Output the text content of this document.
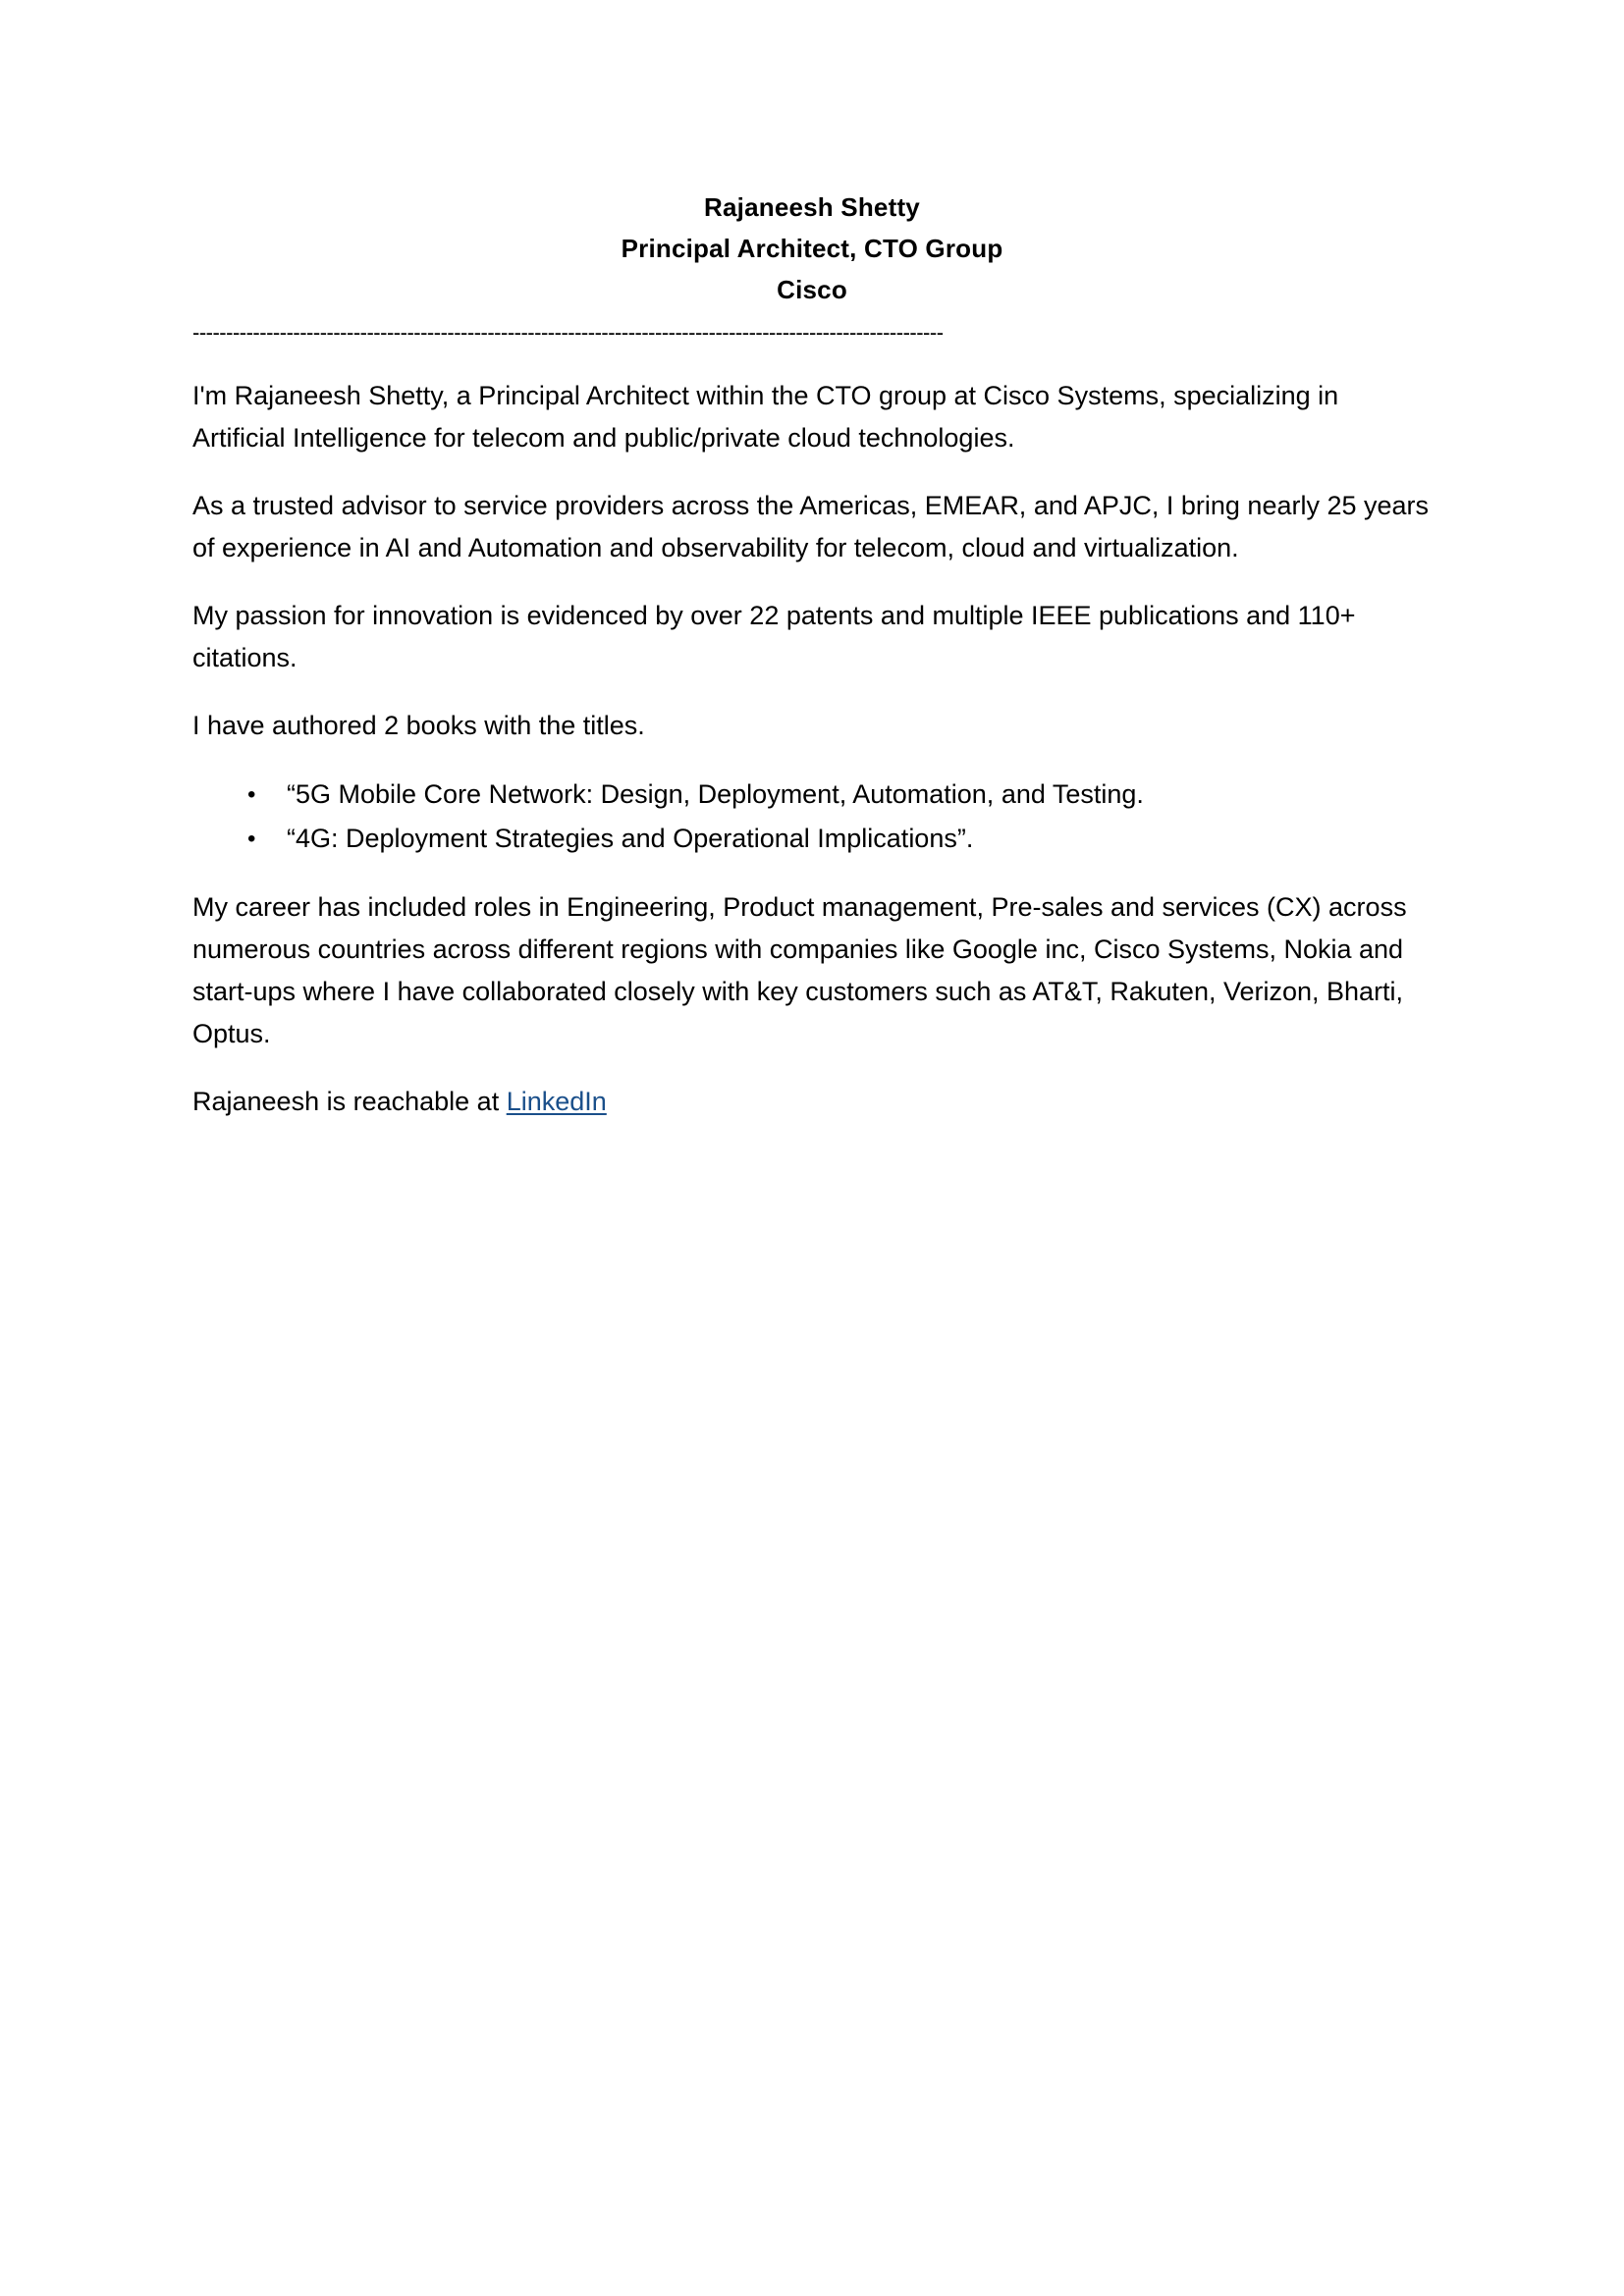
Rajaneesh Shetty
Principal Architect, CTO Group
Cisco
----------------------------------------------------------------------------------------------------------------

I'm Rajaneesh Shetty, a Principal Architect within the CTO group at Cisco Systems, specializing in Artificial Intelligence for telecom and public/private cloud technologies.

As a trusted advisor to service providers across the Americas, EMEAR, and APJC, I bring nearly 25 years of experience in AI and Automation and observability for telecom, cloud and virtualization.

My passion for innovation is evidenced by over 22 patents and multiple IEEE publications and 110+ citations.

I have authored 2 books with the titles.

• “5G Mobile Core Network: Design, Deployment, Automation, and Testing.
• “4G: Deployment Strategies and Operational Implications”.

My career has included roles in Engineering, Product management, Pre-sales and services (CX) across numerous countries across different regions with companies like Google inc, Cisco Systems, Nokia and start-ups where I have collaborated closely with key customers such as AT&T, Rakuten, Verizon, Bharti, Optus.

Rajaneesh is reachable at LinkedIn
